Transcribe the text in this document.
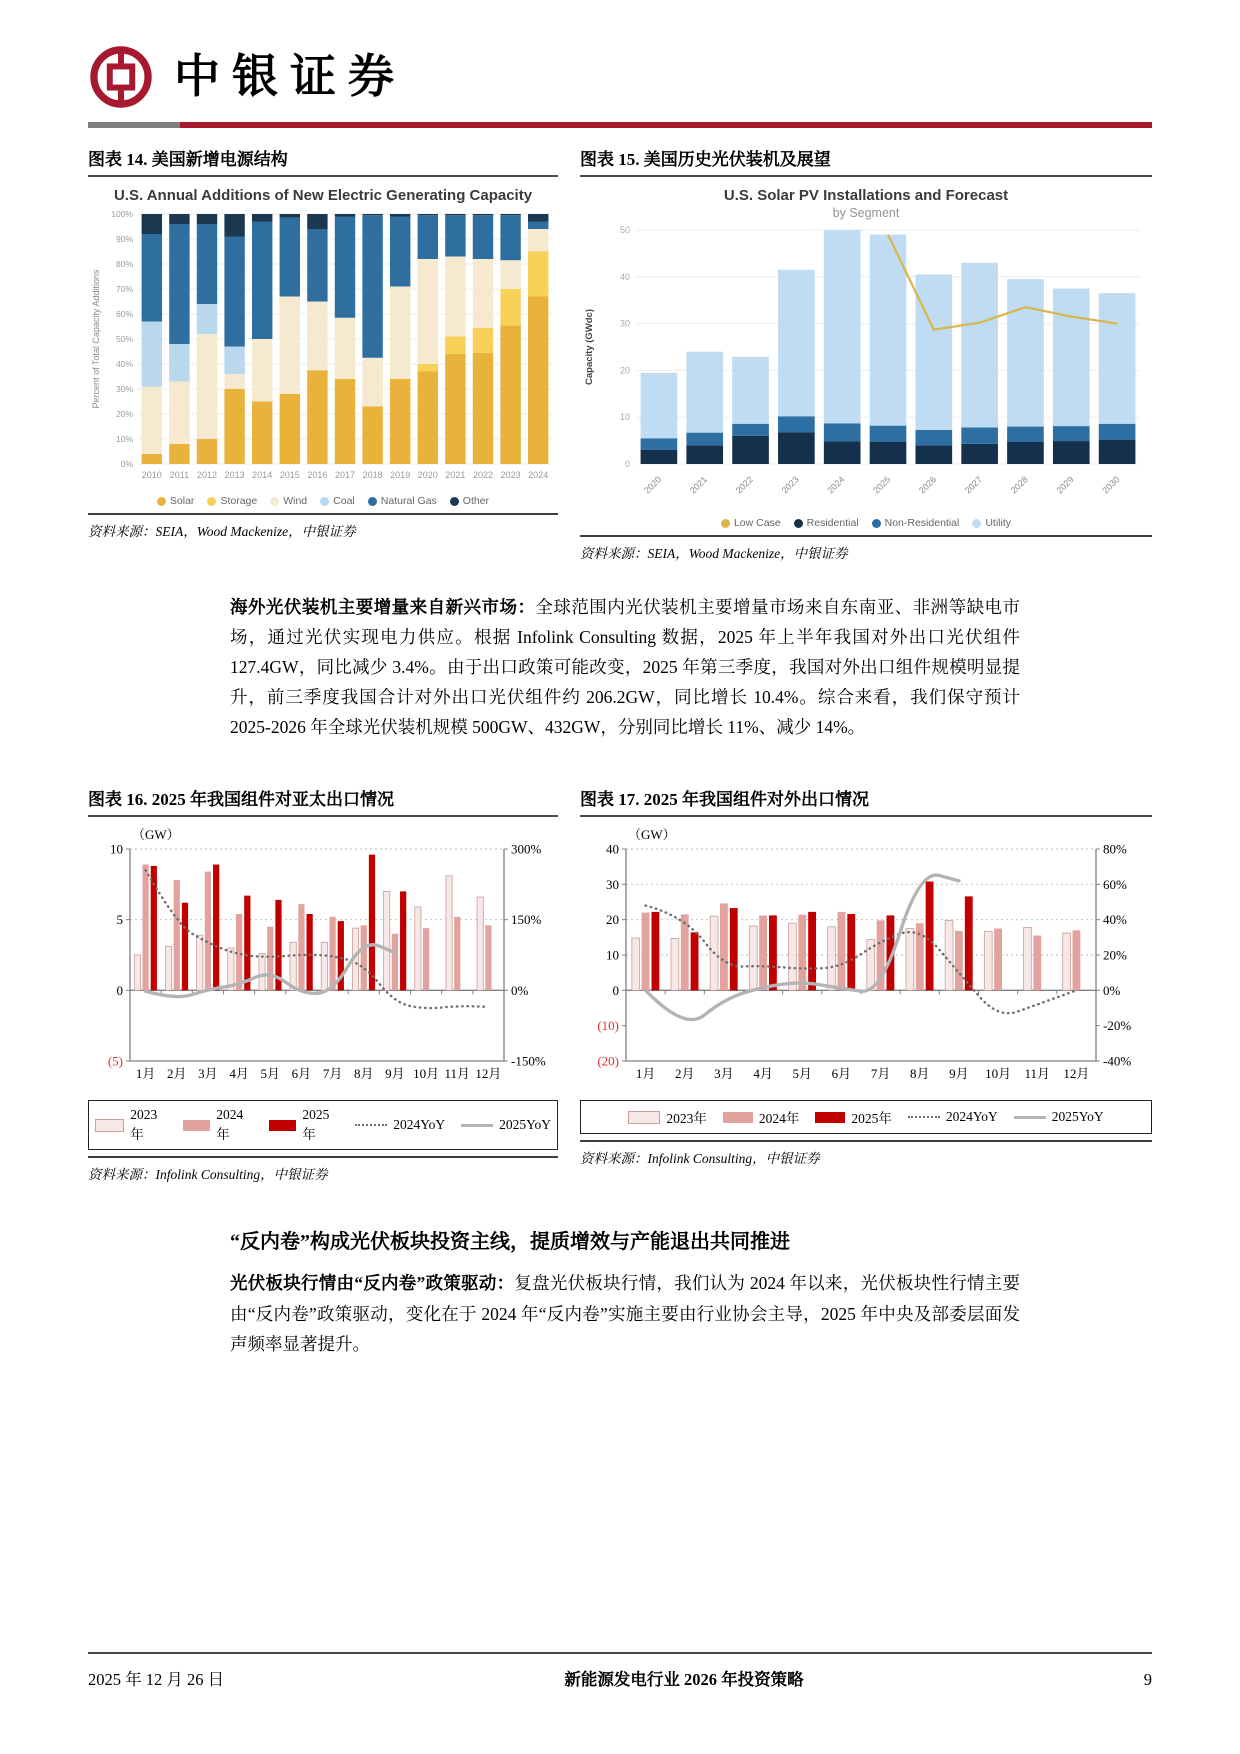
中银证券
图表 14. 美国新增电源结构
U.S. Annual Additions of New Electric Generating Capacity
0%
10%
20%
30%
40%
50%
60%
70%
80%
90%
100%
Percent of Total Capacity Additions
2010 2011 2012 2013 2014 2015 2016 2017 2018 2019 2020 2021 2022 2023 2024
Solar Storage Wind Coal Natural Gas Other
资料来源：SEIA，Wood Mackenize，中银证券
图表 15. 美国历史光伏装机及展望
U.S. Solar PV Installations and Forecast
by Segment
0
10
20
30
40
50
Capacity (GWdc)
2020	2021	2022	2023	2024	2025	2026	2027	2028	2029	2030
Low Case Residential Non-Residential Utility
资料来源：SEIA，Wood Mackenize，中银证券
海外光伏装机主要增量来自新兴市场：全球范围内光伏装机主要增量市场来自东南亚、非洲等缺电市场，通过光伏实现电力供应。根据 Infolink Consulting 数据，2025 年上半年我国对外出口光伏组件 127.4GW，同比减少 3.4%。由于出口政策可能改变，2025 年第三季度，我国对外出口组件规模明显提升，前三季度我国合计对外出口光伏组件约 206.2GW，同比增长 10.4%。综合来看，我们保守预计 2025-2026 年全球光伏装机规模 500GW、432GW，分别同比增长 11%、减少 14%。
图表 16. 2025 年我国组件对亚太出口情况
10
5
0
(5)
300%
150%
0%
-150%
（GW）
1月 2月 3月 4月 5月 6月 7月 8月 9月 10月 11月 12月
2023年
2024年
2025年
2024YoY	2025YoY
资料来源：Infolink Consulting，中银证券
图表 17. 2025 年我国组件对外出口情况
40
30
20
10
0
(10)
(20)
80%
60%
40%
20%
0%
-20%
-40%
（GW）
1月 2月 3月 4月 5月 6月 7月 8月 9月 10月 11月 12月
2023年	2024年	2025年	2024YoY	2025YoY
资料来源：Infolink Consulting，中银证券
“反内卷”构成光伏板块投资主线，提质增效与产能退出共同推进
光伏板块行情由“反内卷”政策驱动：复盘光伏板块行情，我们认为 2024 年以来，光伏板块性行情主要由“反内卷”政策驱动，变化在于 2024 年“反内卷”实施主要由行业协会主导，2025 年中央及部委层面发声频率显著提升。
2025 年 12 月 26 日	新能源发电行业 2026 年投资策略	9
